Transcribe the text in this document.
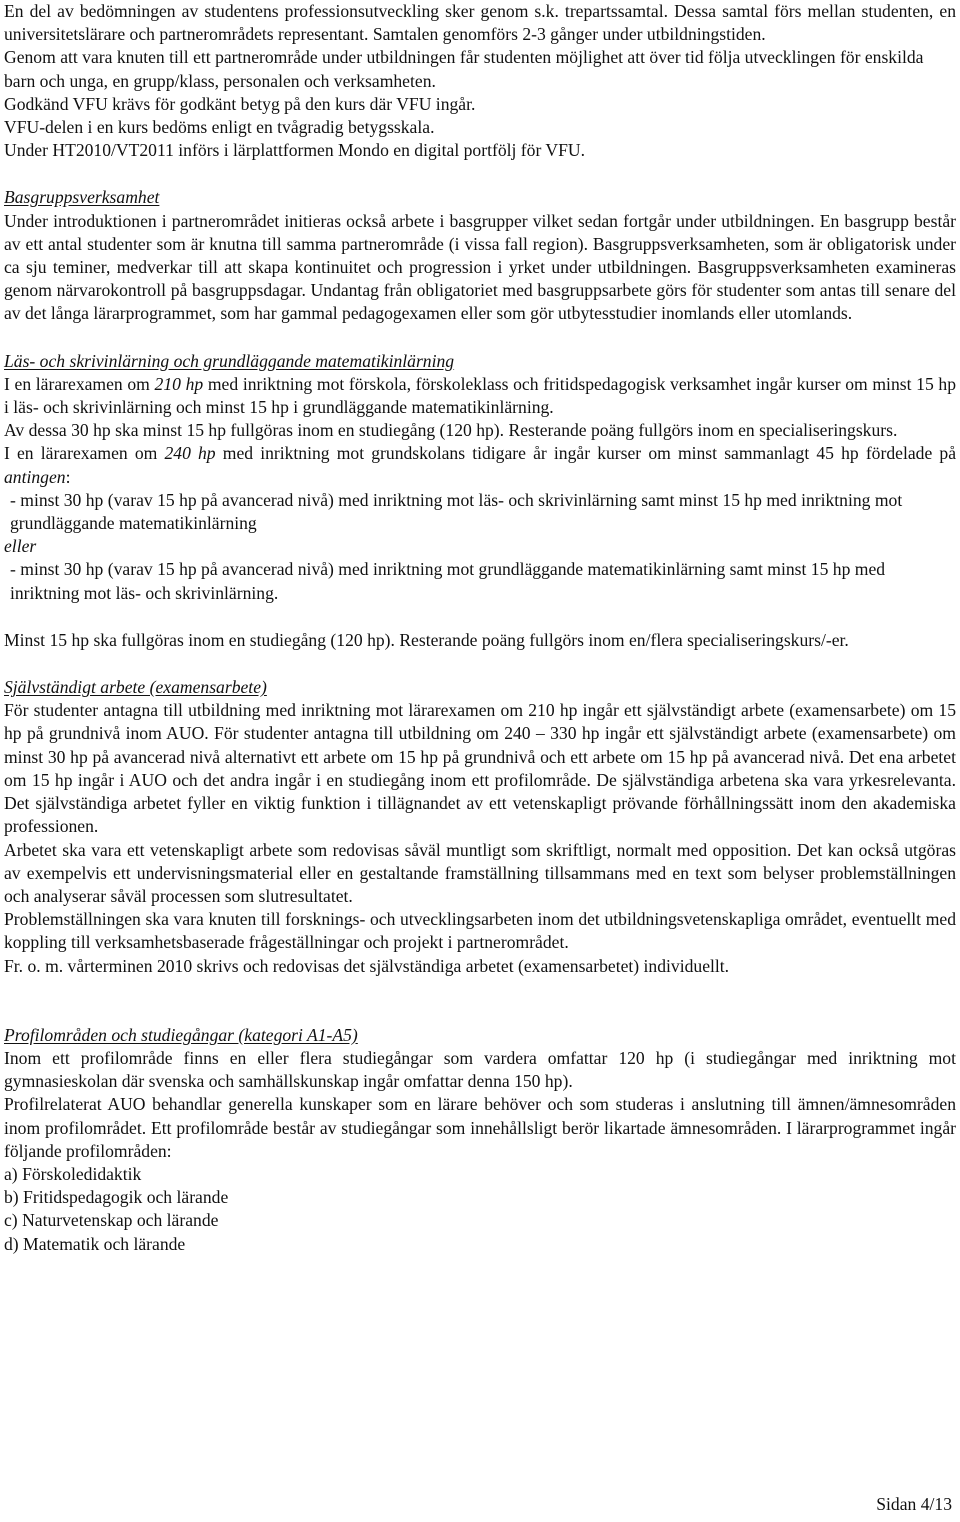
En del av bedömningen av studentens professionsutveckling sker genom s.k. trepartssamtal. Dessa samtal förs mellan studenten, en universitetslärare och partnerområdets representant. Samtalen genomförs 2-3 gånger under utbildningstiden.

Genom att vara knuten till ett partnerområde under utbildningen får studenten möjlighet att över tid följa utvecklingen för enskilda barn och unga, en grupp/klass, personalen och verksamheten.

Godkänd VFU krävs för godkänt betyg på den kurs där VFU ingår.

VFU-delen i en kurs bedöms enligt en tvågradig betygsskala.

Under HT2010/VT2011 införs i lärplattformen Mondo en digital portfölj för VFU.

Basgruppsverksamhet

Under introduktionen i partnerområdet initieras också arbete i basgrupper vilket sedan fortgår under utbildningen. En basgrupp består av ett antal studenter som är knutna till samma partnerområde (i vissa fall region). Basgruppsverksamheten, som är obligatorisk under ca sju teminer, medverkar till att skapa kontinuitet och progression i yrket under utbildningen. Basgruppsverksamheten examineras genom närvarokontroll på basgruppsdagar. Undantag från obligatoriet med basgruppsarbete görs för studenter som antas till senare del av det långa lärarprogrammet, som har gammal pedagogexamen eller som gör utbytesstudier inomlands eller utomlands.

Läs- och skrivinlärning och grundläggande matematikinlärning

I en lärarexamen om 210 hp med inriktning mot förskola, förskoleklass och fritidspedagogisk verksamhet ingår kurser om minst 15 hp i läs- och skrivinlärning och minst 15 hp i grundläggande matematikinlärning.

Av dessa 30 hp ska minst 15 hp fullgöras inom en studiegång (120 hp). Resterande poäng fullgörs inom en specialiseringskurs.

I en lärarexamen om 240 hp med inriktning mot grundskolans tidigare år ingår kurser om minst sammanlagt 45 hp fördelade på antingen:

- minst 30 hp (varav 15 hp på avancerad nivå) med inriktning mot läs- och skrivinlärning samt minst 15 hp med inriktning mot grundläggande matematikinlärning

eller

- minst 30 hp (varav 15 hp på avancerad nivå) med inriktning mot grundläggande matematikinlärning samt minst 15 hp med inriktning mot läs- och skrivinlärning.

Minst 15 hp ska fullgöras inom en studiegång (120 hp). Resterande poäng fullgörs inom en/flera specialiseringskurs/-er.

Självständigt arbete (examensarbete)

För studenter antagna till utbildning med inriktning mot lärarexamen om 210 hp ingår ett självständigt arbete (examensarbete) om 15 hp på grundnivå inom AUO. För studenter antagna till utbildning om 240 – 330 hp ingår ett självständigt arbete (examensarbete) om minst 30 hp på avancerad nivå alternativt ett arbete om 15 hp på grundnivå och ett arbete om 15 hp på avancerad nivå. Det ena arbetet om 15 hp ingår i AUO och det andra ingår i en studiegång inom ett profilområde. De självständiga arbetena ska vara yrkesrelevanta. Det självständiga arbetet fyller en viktig funktion i tillägnandet av ett vetenskapligt prövande förhållningssätt inom den akademiska professionen.

Arbetet ska vara ett vetenskapligt arbete som redovisas såväl muntligt som skriftligt, normalt med opposition. Det kan också utgöras av exempelvis ett undervisningsmaterial eller en gestaltande framställning tillsammans med en text som belyser problemställningen och analyserar såväl processen som slutresultatet.

Problemställningen ska vara knuten till forsknings- och utvecklingsarbeten inom det utbildningsvetenskapliga området, eventuellt med koppling till verksamhetsbaserade frågeställningar och projekt i partnerområdet.

Fr. o. m. vårterminen 2010 skrivs och redovisas det självständiga arbetet (examensarbetet) individuellt.

Profilområden och studiegångar (kategori A1-A5)

Inom ett profilområde finns en eller flera studiegångar som vardera omfattar 120 hp (i studiegångar med inriktning mot gymnasieskolan där svenska och samhällskunskap ingår omfattar denna 150 hp).

Profilrelaterat AUO behandlar generella kunskaper som en lärare behöver och som studeras i anslutning till ämnen/ämnesområden inom profilområdet. Ett profilområde består av studiegångar som innehållsligt berör likartade ämnesområden. I lärarprogrammet ingår följande profilområden:

a) Förskoledidaktik

b) Fritidspedagogik och lärande

c) Naturvetenskap och lärande

d) Matematik och lärande

Sidan 4/13
